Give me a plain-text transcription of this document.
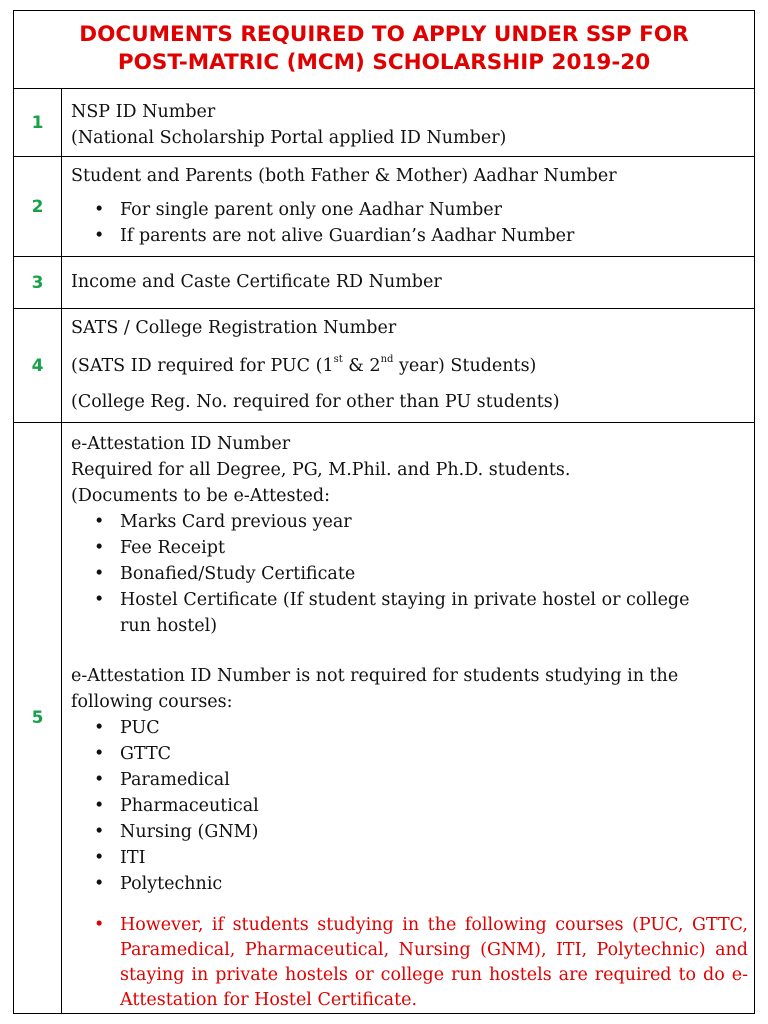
DOCUMENTS REQUIRED TO APPLY UNDER SSP FOR
POST-MATRIC (MCM) SCHOLARSHIP 2019-20
1
NSP ID Number
(National Scholarship Portal applied ID Number)
2
Student and Parents (both Father & Mother) Aadhar Number
• For single parent only one Aadhar Number
• If parents are not alive Guardian’s Aadhar Number
3	Income and Caste Certificate RD Number
4
SATS / College Registration Number
(SATS ID required for PUC (1st & 2nd year) Students)
(College Reg. No. required for other than PU students)
5
e-Attestation ID Number
Required for all Degree, PG, M.Phil. and Ph.D. students.
(Documents to be e-Attested:
• Marks Card previous year
• Fee Receipt
• Bonafied/Study Certificate
• Hostel Certificate (If student staying in private hostel or college run hostel)
e-Attestation ID Number is not required for students studying in the following courses:
• PUC
• GTTC
• Paramedical
• Pharmaceutical
• Nursing (GNM)
• ITI
• Polytechnic
• However, if students studying in the following courses (PUC, GTTC, Paramedical, Pharmaceutical, Nursing (GNM), ITI, Polytechnic) and staying in private hostels or college run hostels are required to do e-Attestation for Hostel Certificate.
